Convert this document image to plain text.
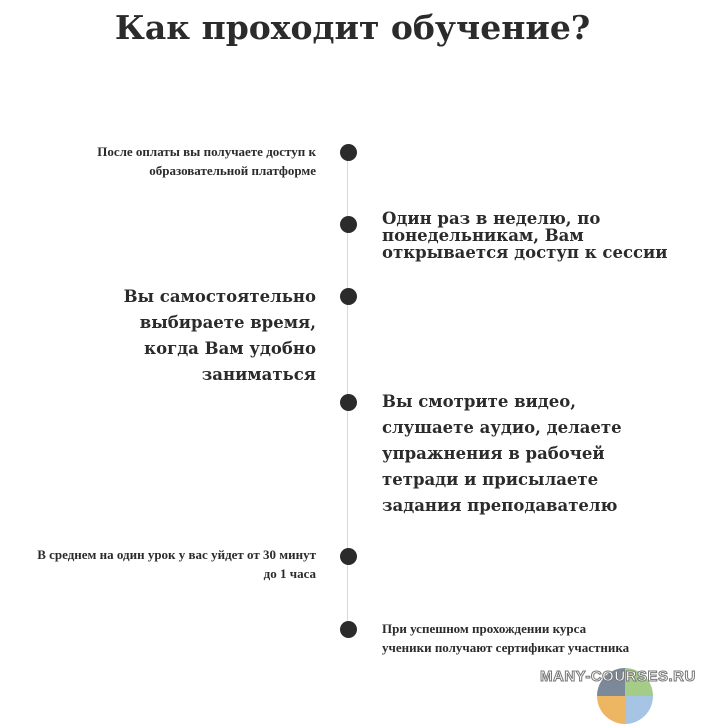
Как проходит обучение?
После оплаты вы получаете доступ к образовательной платформе
Один раз в неделю, по понедельникам, Вам открывается доступ к сессии
Вы самостоятельно выбираете время, когда Вам удобно заниматься
Вы смотрите видео, слушаете аудио, делаете упражнения в рабочей тетради и присылаете задания преподавателю
В среднем на один урок у вас уйдет от 30 минут до 1 часа
При успешном прохождении курса ученики получают сертификат участника
MANY-COURSES.RU
